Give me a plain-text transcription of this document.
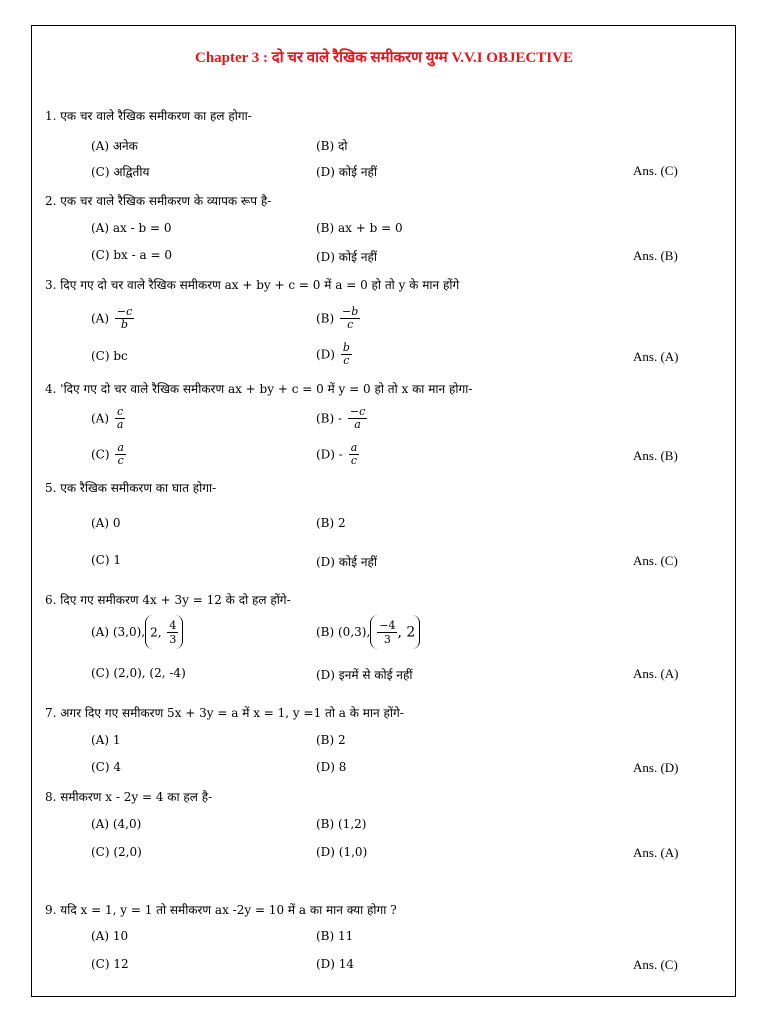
Chapter 3 : दो चर वाले रैखिक समीकरण युग्म V.V.I OBJECTIVE
1. एक चर वाले रैखिक समीकरण का हल होगा-
(A) अनेक	(B) दो
(C) अद्वितीय	(D) कोई नहीं	Ans. (C)
2. एक चर वाले रैखिक समीकरण के व्यापक रूप है-
(A) ax - b = 0	(B) ax + b = 0
(C) bx - a = 0	(D) कोई नहीं	Ans. (B)
3. दिए गए दो चर वाले रैखिक समीकरण ax + by + c = 0 में a = 0 हो तो y के मान होंगे
$(A) \frac{-c}{b}$	$(B) \frac{-b}{c}$
(C) bc	$(D) \frac{b}{c}$	Ans. (A)
4. 'दिए गए दो चर वाले रैखिक समीकरण ax + by + c = 0 में y = 0 हो तो x का मान होगा-
$(A) \frac{c}{a}$	$(B) - \frac{-c}{a}$
$(C) \frac{a}{c}$	$(D) - \frac{a}{c}$	Ans. (B)
5. एक रैखिक समीकरण का घात होगा-
(A) 0	(B) 2
(C) 1	(D) कोई नहीं	Ans. (C)
6. दिए गए समीकरण 4x + 3y = 12 के दो हल होंगे-
(A) (3,0), 2, $\frac{4}{3}$	(B) (0,3), $\frac{-4}{3}$ , 2
(C) (2,0), (2, -4)	(D) इनमें से कोई नहीं	Ans. (A)
7. अगर दिए गए समीकरण 5x + 3y = a में x = 1, y =1 तो a के मान होंगे-
(A) 1	(B) 2
(C) 4	(D) 8	Ans. (D)
8. समीकरण x - 2y = 4 का हल है-
(A) (4,0)	(B) (1,2)
(C) (2,0)	(D) (1,0)	Ans. (A)
9. यदि x = 1, y = 1 तो समीकरण ax -2y = 10 में a का मान क्या होगा ?
(A) 10	(B) 11
(C) 12	(D) 14	Ans. (C)
